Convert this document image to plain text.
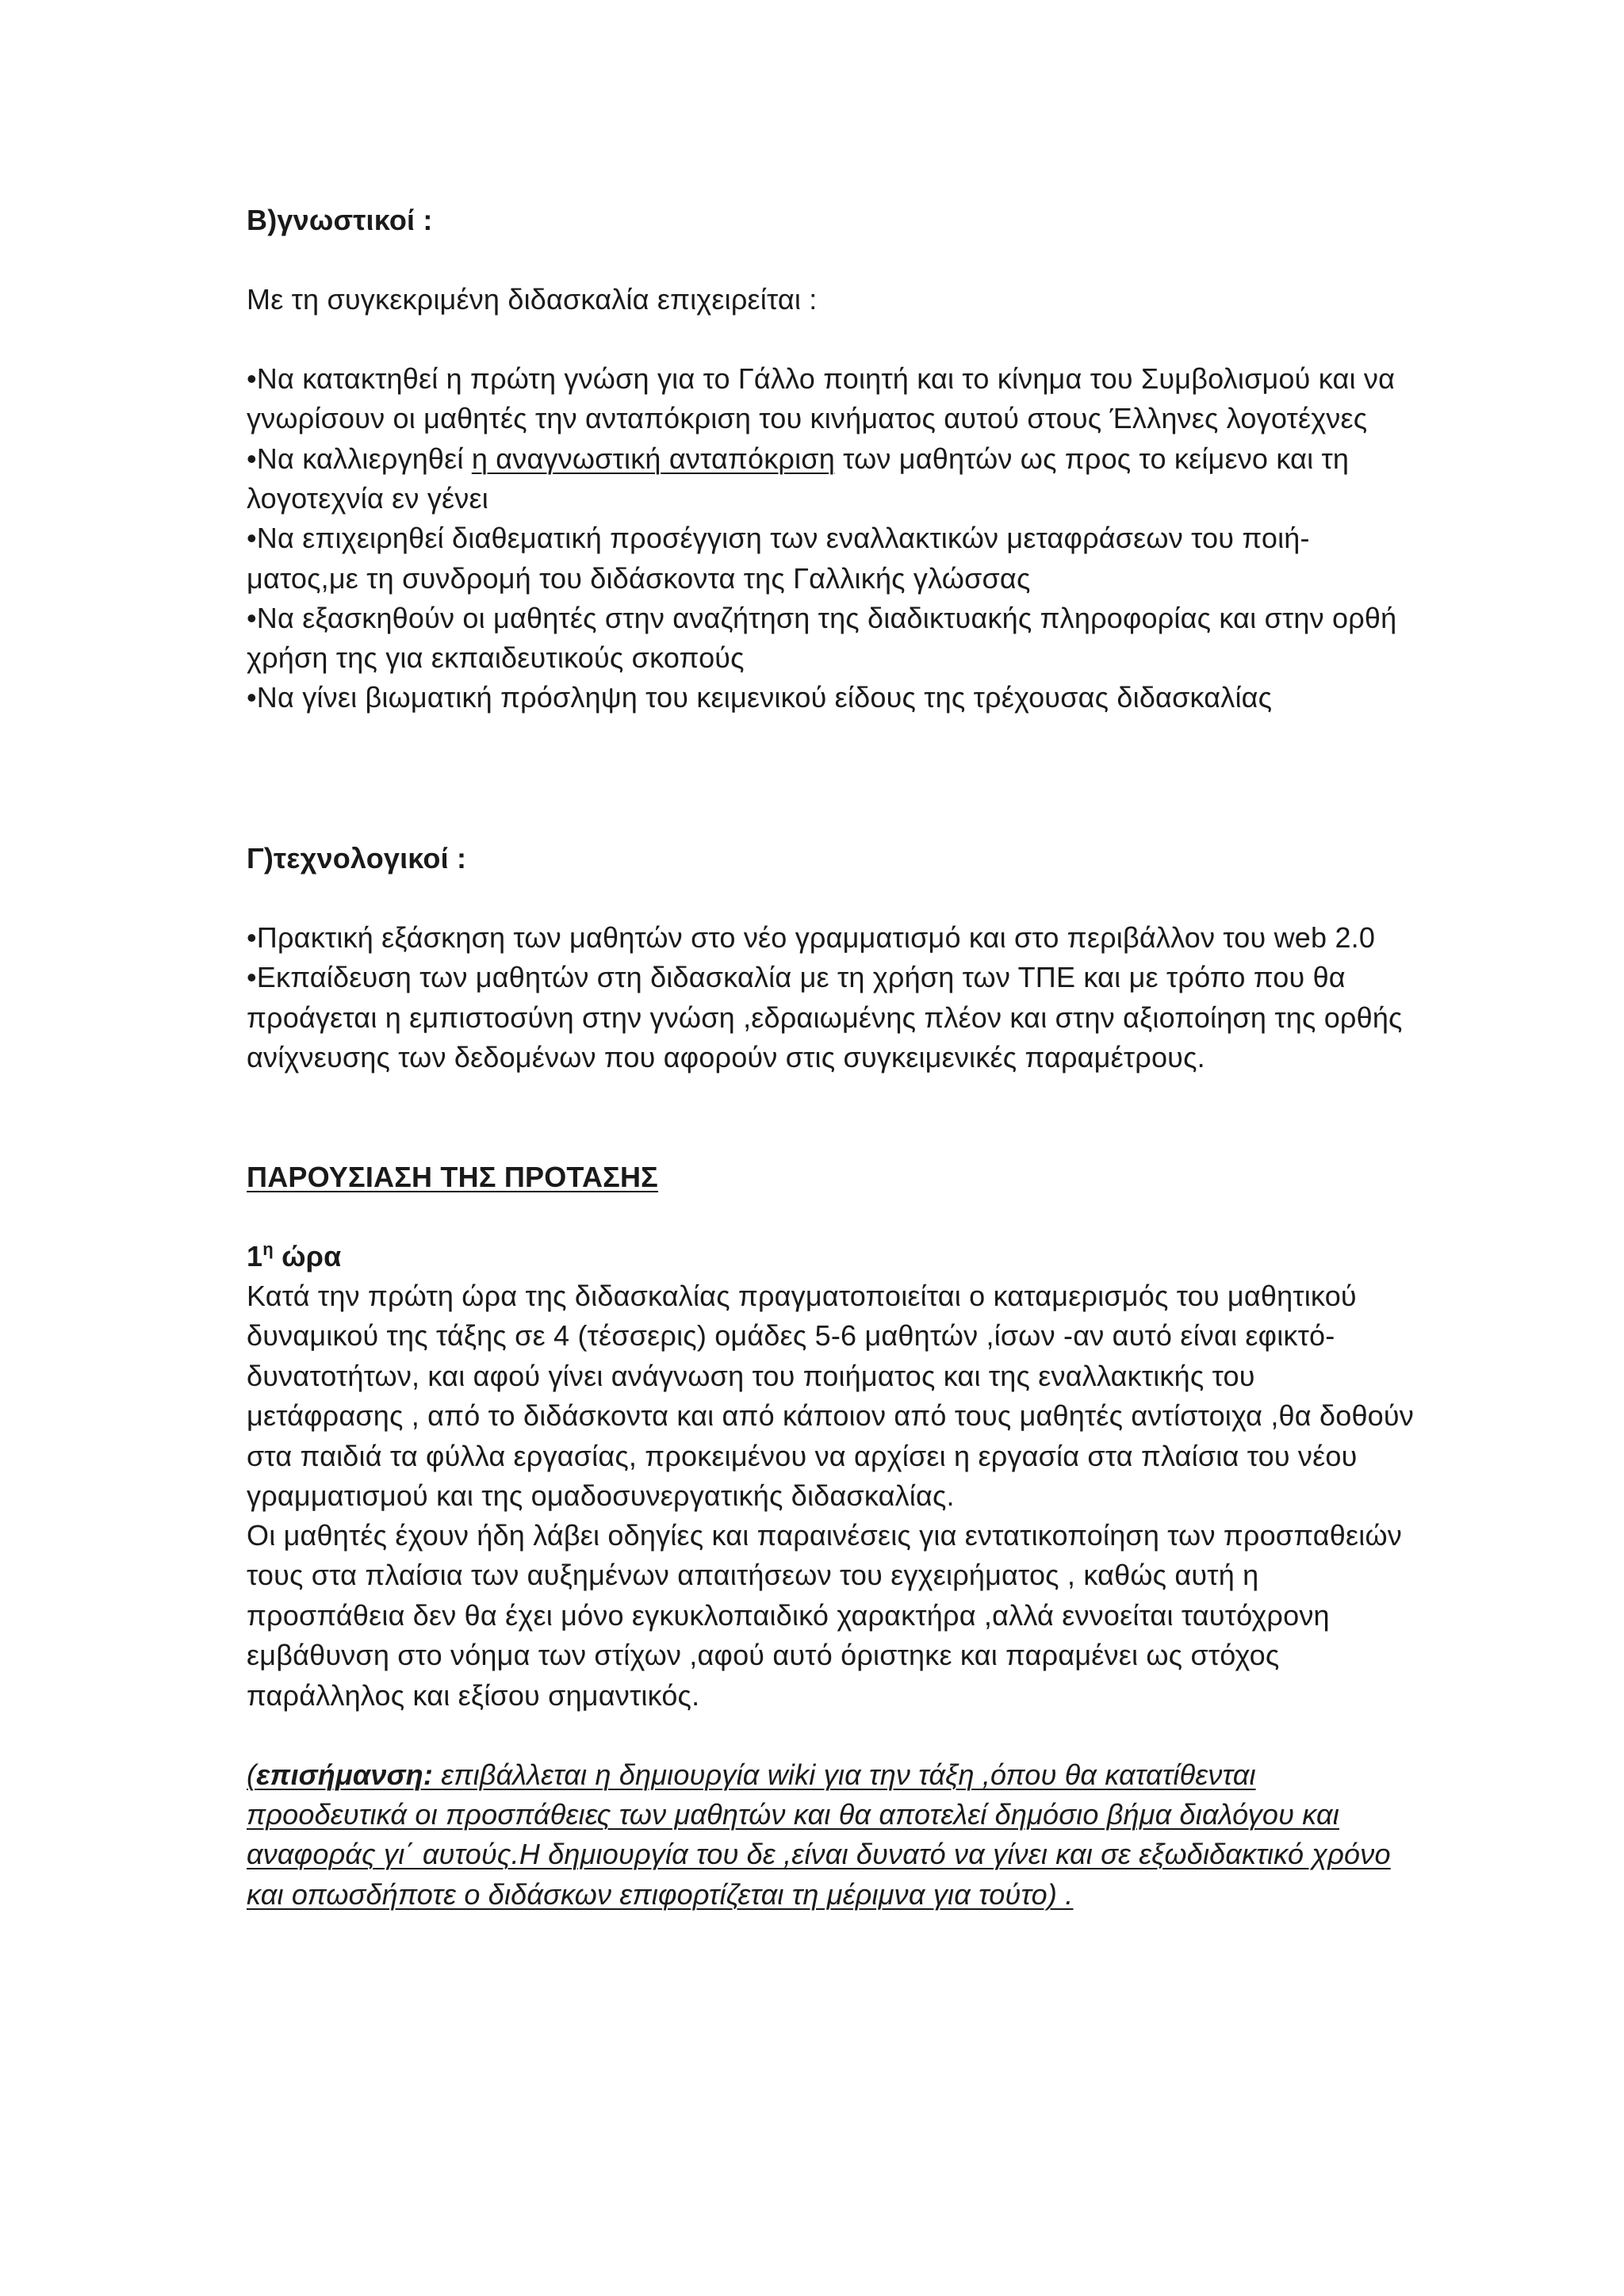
Β)γνωστικοί :
Με τη συγκεκριμένη διδασκαλία επιχειρείται :
•Να κατακτηθεί η πρώτη γνώση για το Γάλλο ποιητή και το κίνημα του Συμβολισμού και να
γνωρίσουν οι μαθητές την ανταπόκριση του κινήματος αυτού στους Έλληνες λογοτέχνες
•Να καλλιεργηθεί η αναγνωστική ανταπόκριση των μαθητών ως προς το κείμενο και τη
λογοτεχνία εν γένει
•Να επιχειρηθεί διαθεματική προσέγγιση των εναλλακτικών μεταφράσεων του ποιή-
ματος,με τη συνδρομή του διδάσκοντα της Γαλλικής γλώσσας
•Να εξασκηθούν οι μαθητές στην αναζήτηση της διαδικτυακής πληροφορίας και στην ορθή
χρήση της για εκπαιδευτικούς σκοπούς
•Να γίνει βιωματική πρόσληψη του κειμενικού είδους της τρέχουσας διδασκαλίας
Γ)τεχνολογικοί :
•Πρακτική εξάσκηση των μαθητών στο νέο γραμματισμό και στο περιβάλλον του web 2.0
•Εκπαίδευση των μαθητών στη διδασκαλία με τη χρήση των ΤΠΕ και με τρόπο που θα
προάγεται η εμπιστοσύνη στην γνώση ,εδραιωμένης πλέον και στην αξιοποίηση της ορθής
ανίχνευσης των δεδομένων που αφορούν στις συγκειμενικές παραμέτρους.
ΠΑΡΟΥΣΙΑΣΗ ΤΗΣ ΠΡΟΤΑΣΗΣ
$1^\eta$ ώρα
Κατά την πρώτη ώρα της διδασκαλίας πραγματοποιείται ο καταμερισμός του μαθητικού
δυναμικού της τάξης σε 4 (τέσσερις) ομάδες 5-6 μαθητών ,ίσων -αν αυτό είναι εφικτό-
δυνατοτήτων, και αφού γίνει ανάγνωση του ποιήματος και της εναλλακτικής του
μετάφρασης , από το διδάσκοντα και από κάποιον από τους μαθητές αντίστοιχα ,θα δοθούν
στα παιδιά τα φύλλα εργασίας, προκειμένου να αρχίσει η εργασία στα πλαίσια του νέου
γραμματισμού και της ομαδοσυνεργατικής διδασκαλίας.
Οι μαθητές έχουν ήδη λάβει οδηγίες και παραινέσεις για εντατικοποίηση των προσπαθειών
τους στα πλαίσια των αυξημένων απαιτήσεων του εγχειρήματος , καθώς αυτή η
προσπάθεια δεν θα έχει μόνο εγκυκλοπαιδικό χαρακτήρα ,αλλά εννοείται ταυτόχρονη
εμβάθυνση στο νόημα των στίχων ,αφού αυτό όριστηκε και παραμένει ως στόχος
παράλληλος και εξίσου σημαντικός.
(επισήμανση: επιβάλλεται η δημιουργία wiki για την τάξη ,όπου θα κατατίθενται
προοδευτικά οι προσπάθειες των μαθητών και θα αποτελεί δημόσιο βήμα διαλόγου και
αναφοράς γι΄ αυτούς.Η δημιουργία του δε ,είναι δυνατό να γίνει και σε εξωδιδακτικό χρόνο
και οπωσδήποτε ο διδάσκων επιφορτίζεται τη μέριμνα για τούτο) .
